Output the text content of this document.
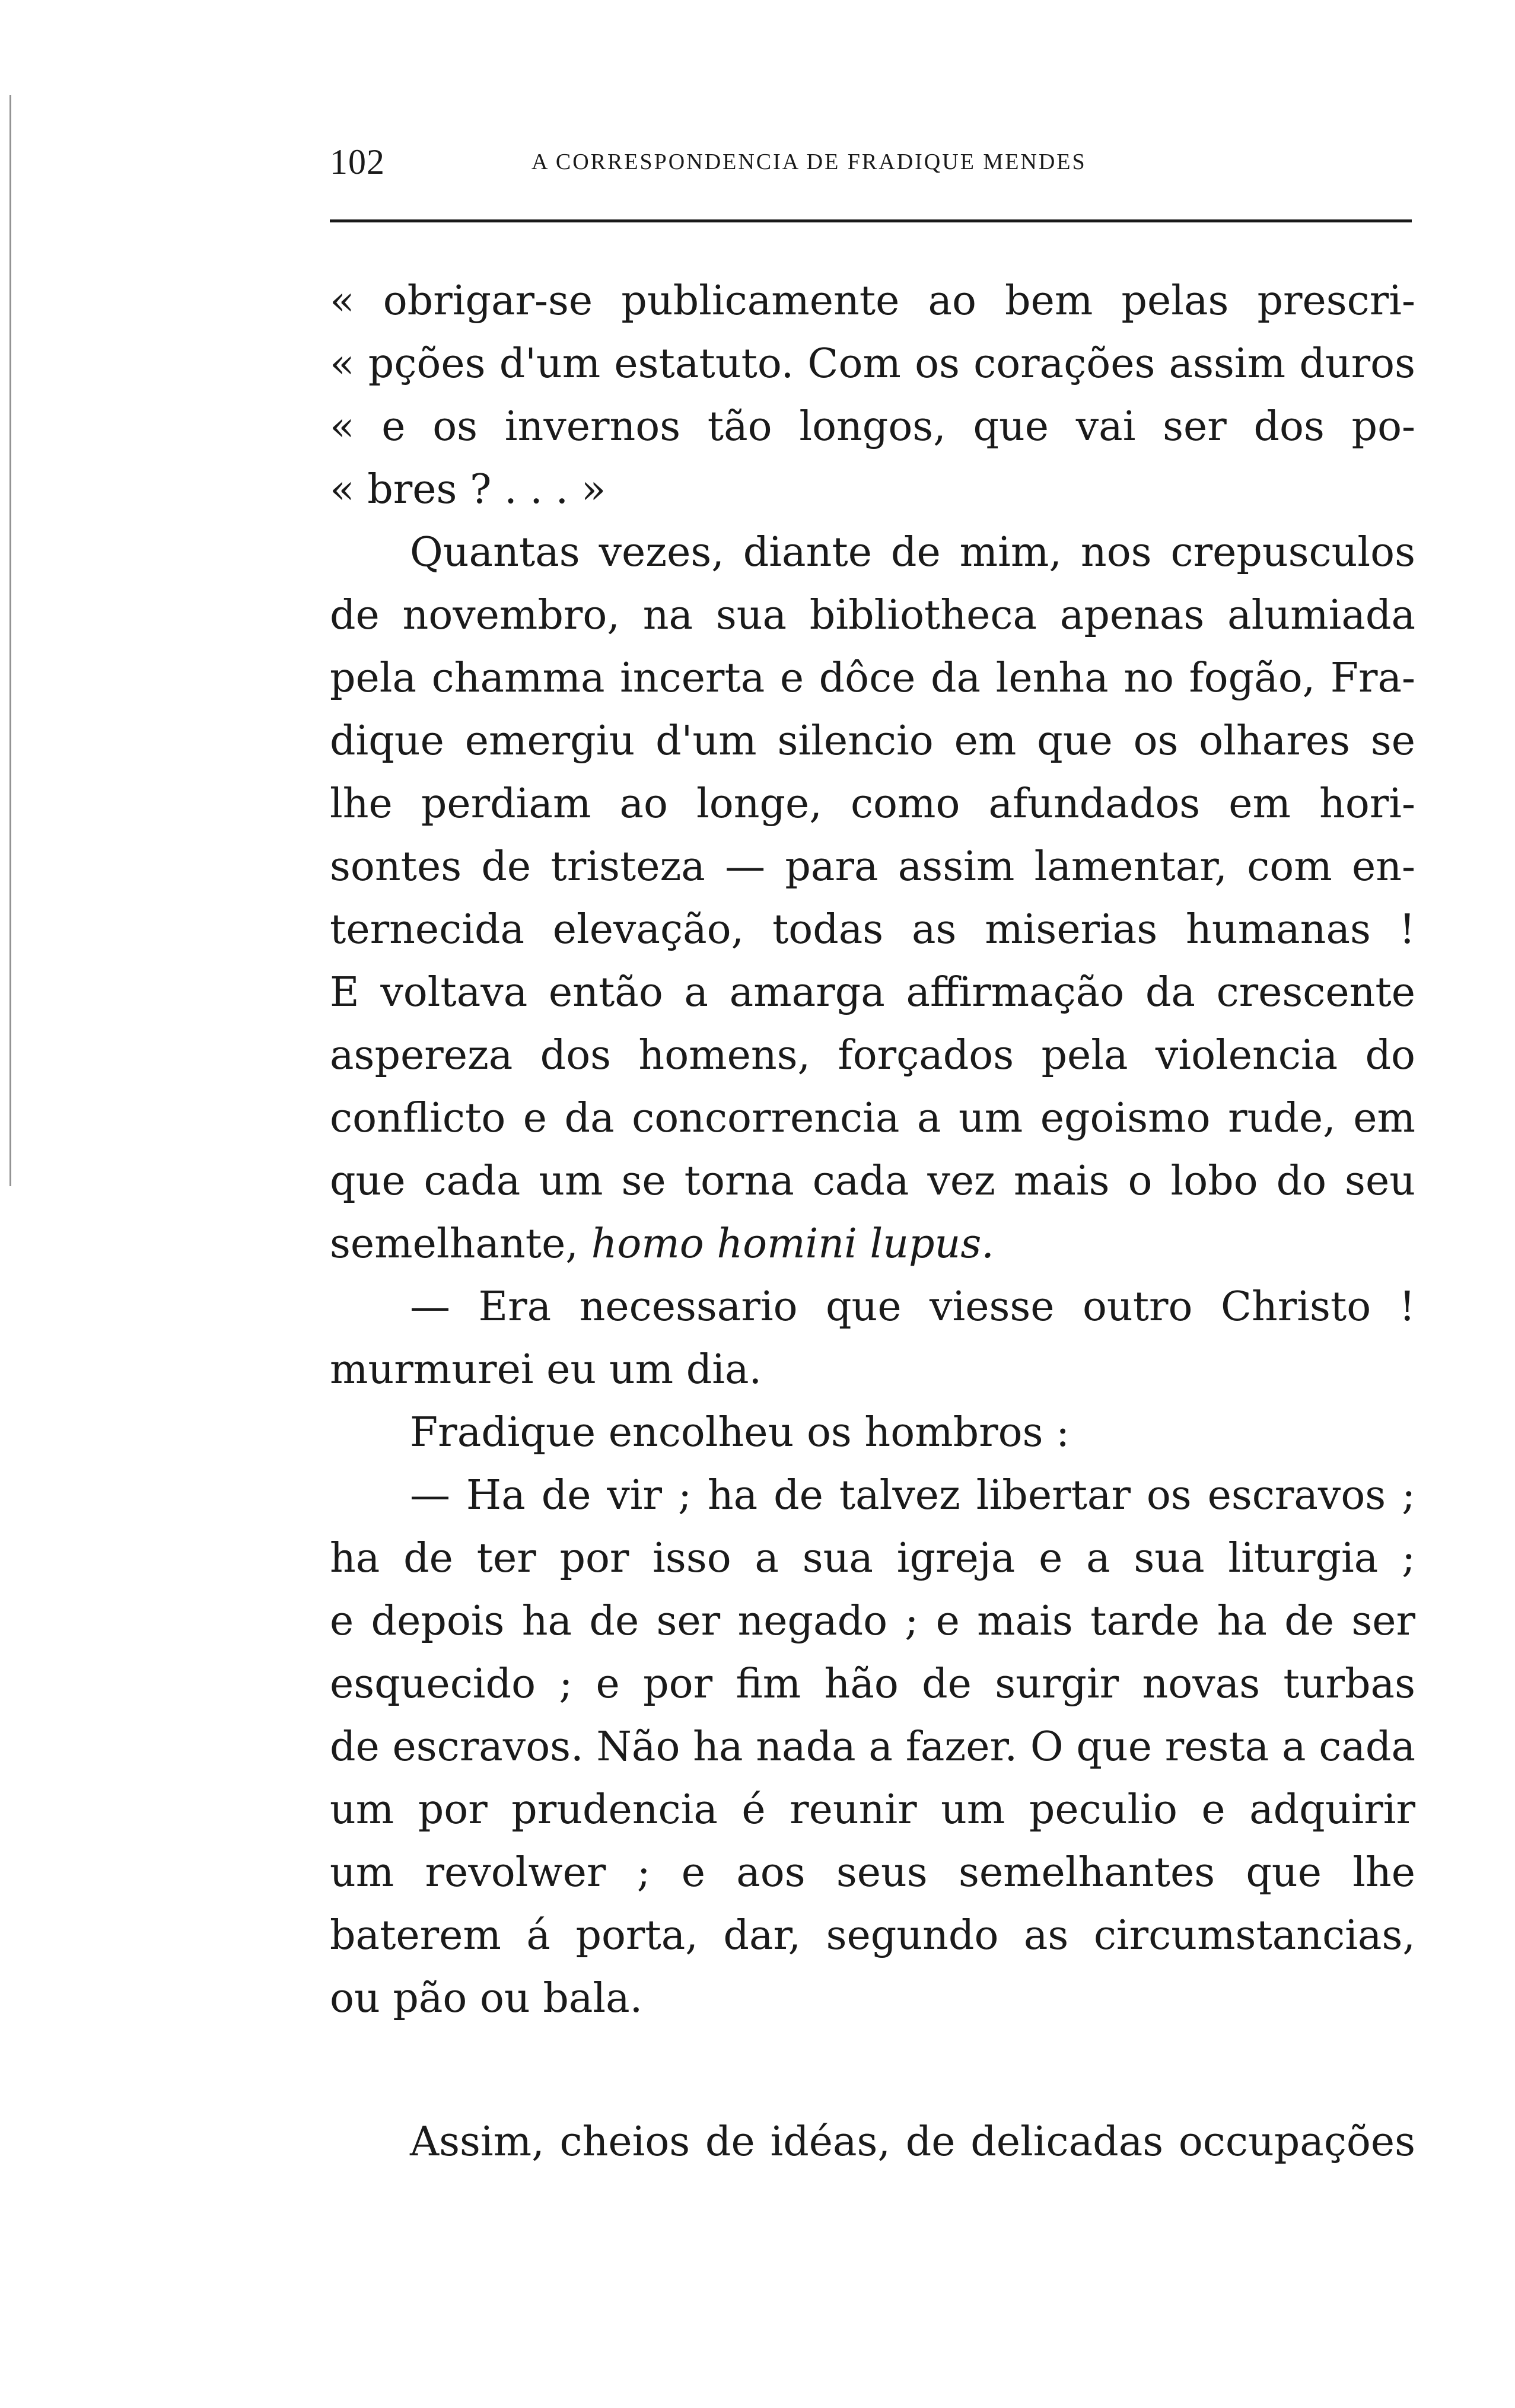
102	A CORRESPONDENCIA DE FRADIQUE MENDES
« obrigar-se publicamente ao bem pelas prescri-
« pções d'um estatuto. Com os corações assim duros
« e os invernos tão longos, que vai ser dos po-
« bres ? . . . »
Quantas vezes, diante de mim, nos crepusculos
de novembro, na sua bibliotheca apenas alumiada
pela chamma incerta e dôce da lenha no fogão, Fra-
dique emergiu d'um silencio em que os olhares se
lhe perdiam ao longe, como afundados em hori-
sontes de tristeza — para assim lamentar, com en-
ternecida elevação, todas as miserias humanas !
E voltava então a amarga affirmação da crescente
aspereza dos homens, forçados pela violencia do
conflicto e da concorrencia a um egoismo rude, em
que cada um se torna cada vez mais o lobo do seu
semelhante, homo homini lupus.
— Era necessario que viesse outro Christo !
murmurei eu um dia.
Fradique encolheu os hombros :
— Ha de vir ; ha de talvez libertar os escravos ;
ha de ter por isso a sua igreja e a sua liturgia ;
e depois ha de ser negado ; e mais tarde ha de ser
esquecido ; e por fim hão de surgir novas turbas
de escravos. Não ha nada a fazer. O que resta a cada
um por prudencia é reunir um peculio e adquirir
um revolwer ; e aos seus semelhantes que lhe
baterem á porta, dar, segundo as circumstancias,
ou pão ou bala.
Assim, cheios de idéas, de delicadas occupações
